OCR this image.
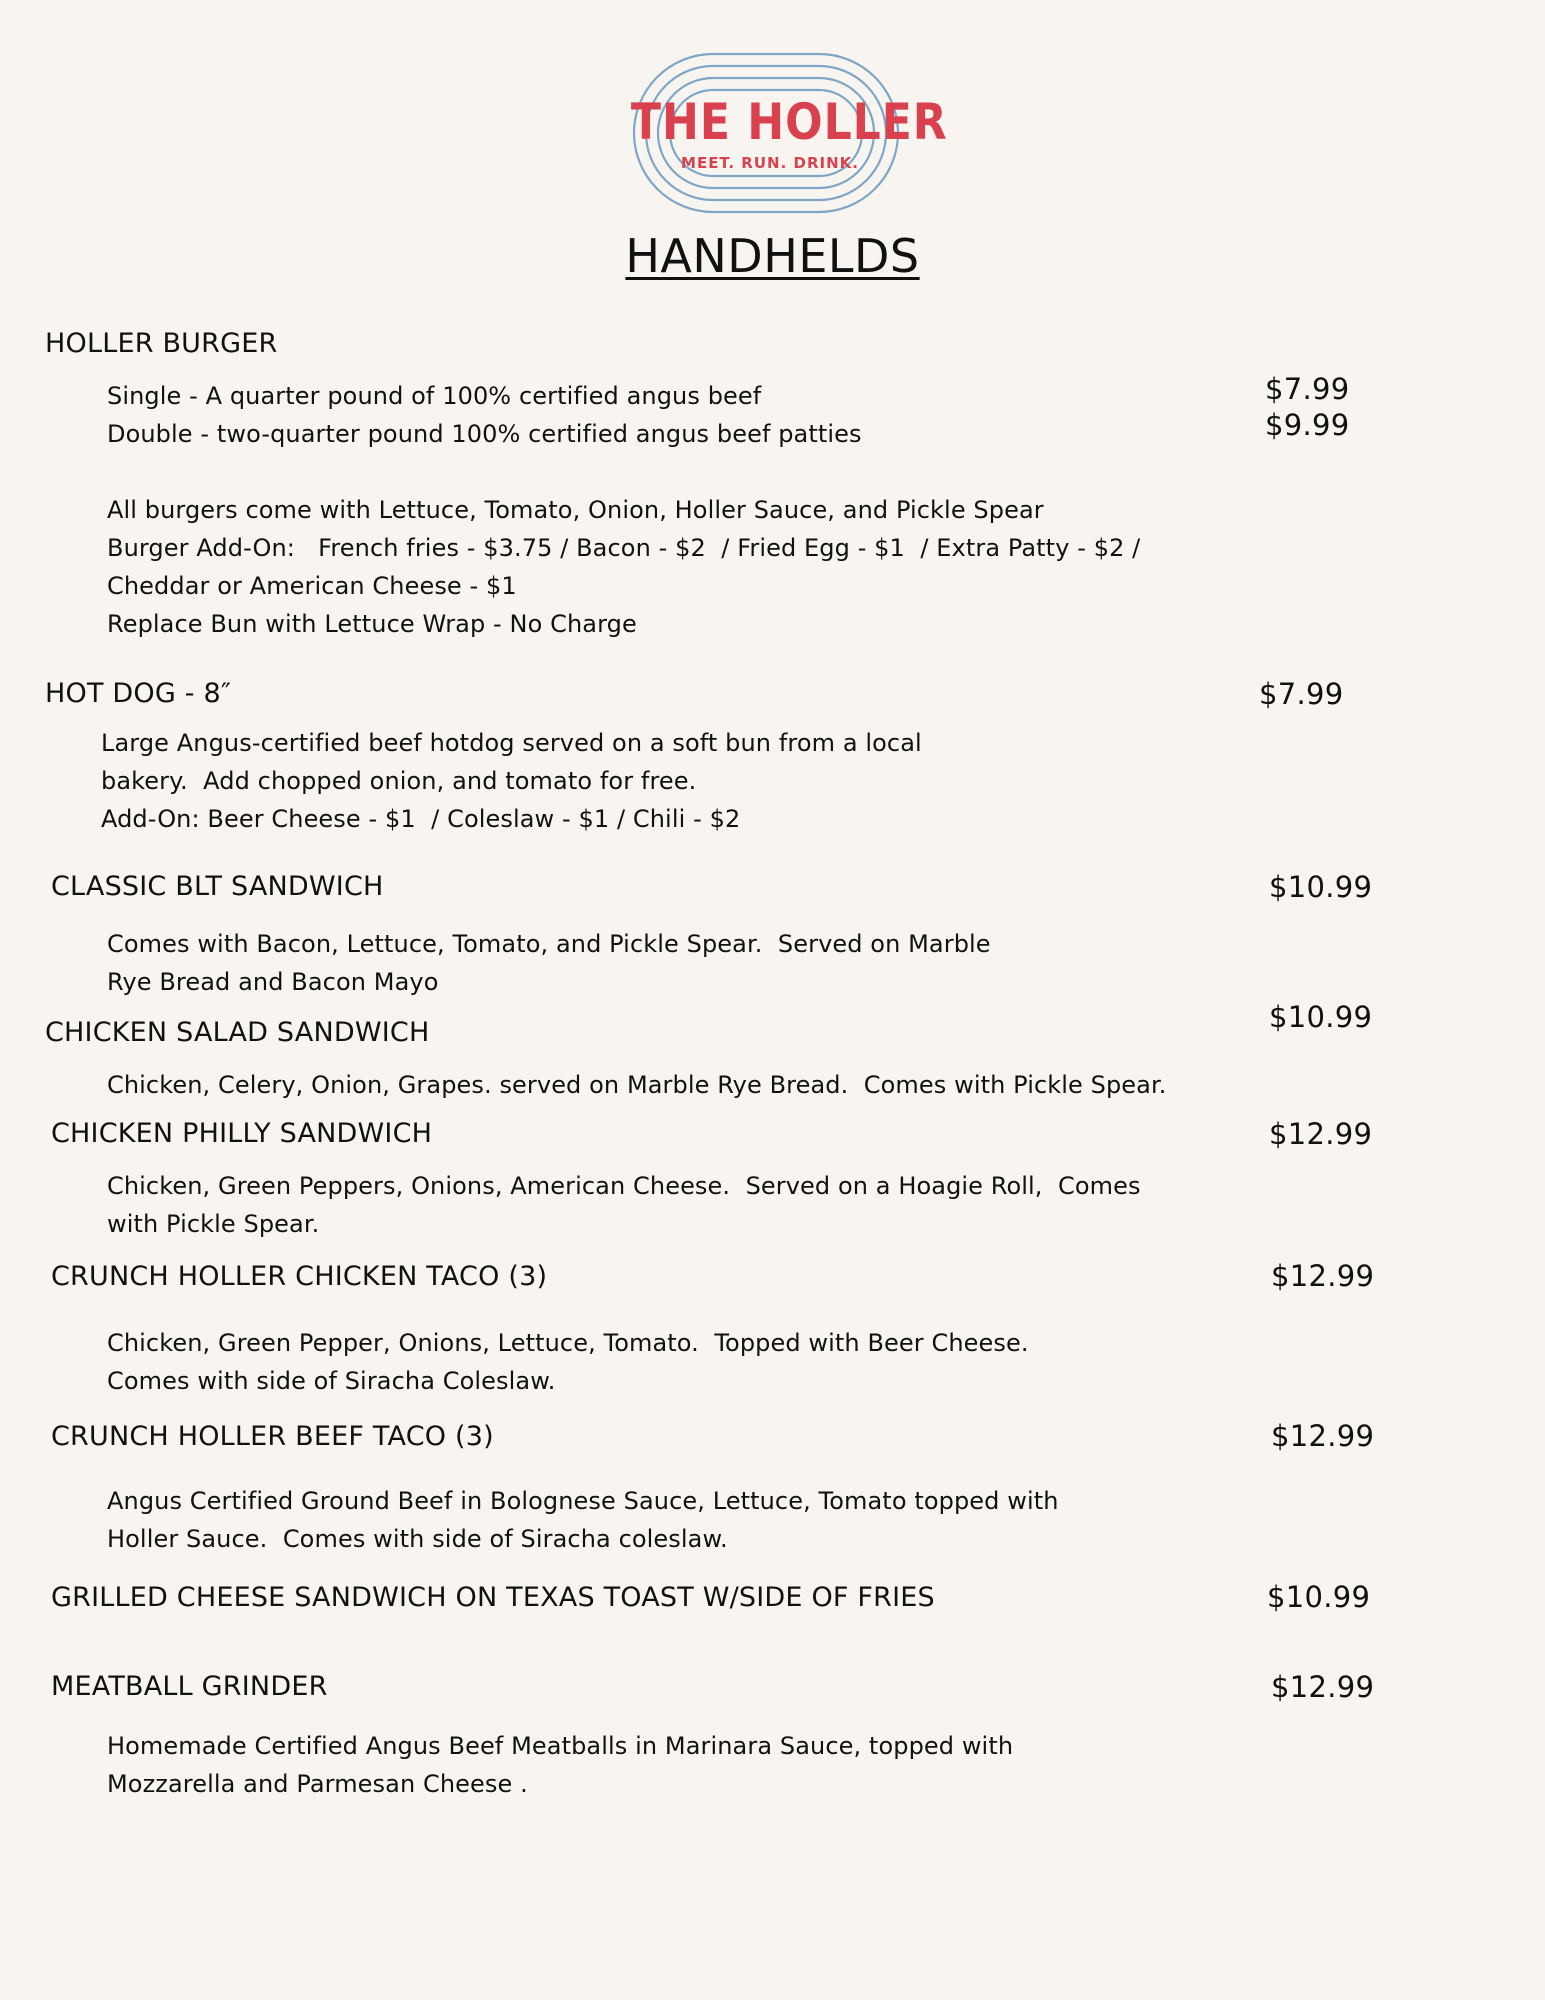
THE HOLLER
MEET. RUN. DRINK.
HANDHELDS
HOLLER BURGER
Single - A quarter pound of 100% certified angus beef	$7.99
Double - two-quarter pound 100% certified angus beef patties	$9.99
All burgers come with Lettuce, Tomato, Onion, Holler Sauce, and Pickle Spear
Burger Add-On:   French fries - $3.75 / Bacon - $2  / Fried Egg - $1  / Extra Patty - $2 /
Cheddar or American Cheese - $1
Replace Bun with Lettuce Wrap - No Charge
HOT DOG - 8″	$7.99
Large Angus-certified beef hotdog served on a soft bun from a local
bakery.  Add chopped onion, and tomato for free.
Add-On: Beer Cheese - $1  / Coleslaw - $1 / Chili - $2
CLASSIC BLT SANDWICH	$10.99
Comes with Bacon, Lettuce, Tomato, and Pickle Spear.  Served on Marble
Rye Bread and Bacon Mayo
CHICKEN SALAD SANDWICH	$10.99
Chicken, Celery, Onion, Grapes. served on Marble Rye Bread.  Comes with Pickle Spear.
CHICKEN PHILLY SANDWICH	$12.99
Chicken, Green Peppers, Onions, American Cheese.  Served on a Hoagie Roll,  Comes
with Pickle Spear.
CRUNCH HOLLER CHICKEN TACO (3)	$12.99
Chicken, Green Pepper, Onions, Lettuce, Tomato.  Topped with Beer Cheese.
Comes with side of Siracha Coleslaw.
CRUNCH HOLLER BEEF TACO (3)	$12.99
Angus Certified Ground Beef in Bolognese Sauce, Lettuce, Tomato topped with
Holler Sauce.  Comes with side of Siracha coleslaw.
GRILLED CHEESE SANDWICH ON TEXAS TOAST W/SIDE OF FRIES	$10.99
MEATBALL GRINDER	$12.99
Homemade Certified Angus Beef Meatballs in Marinara Sauce, topped with
Mozzarella and Parmesan Cheese .
